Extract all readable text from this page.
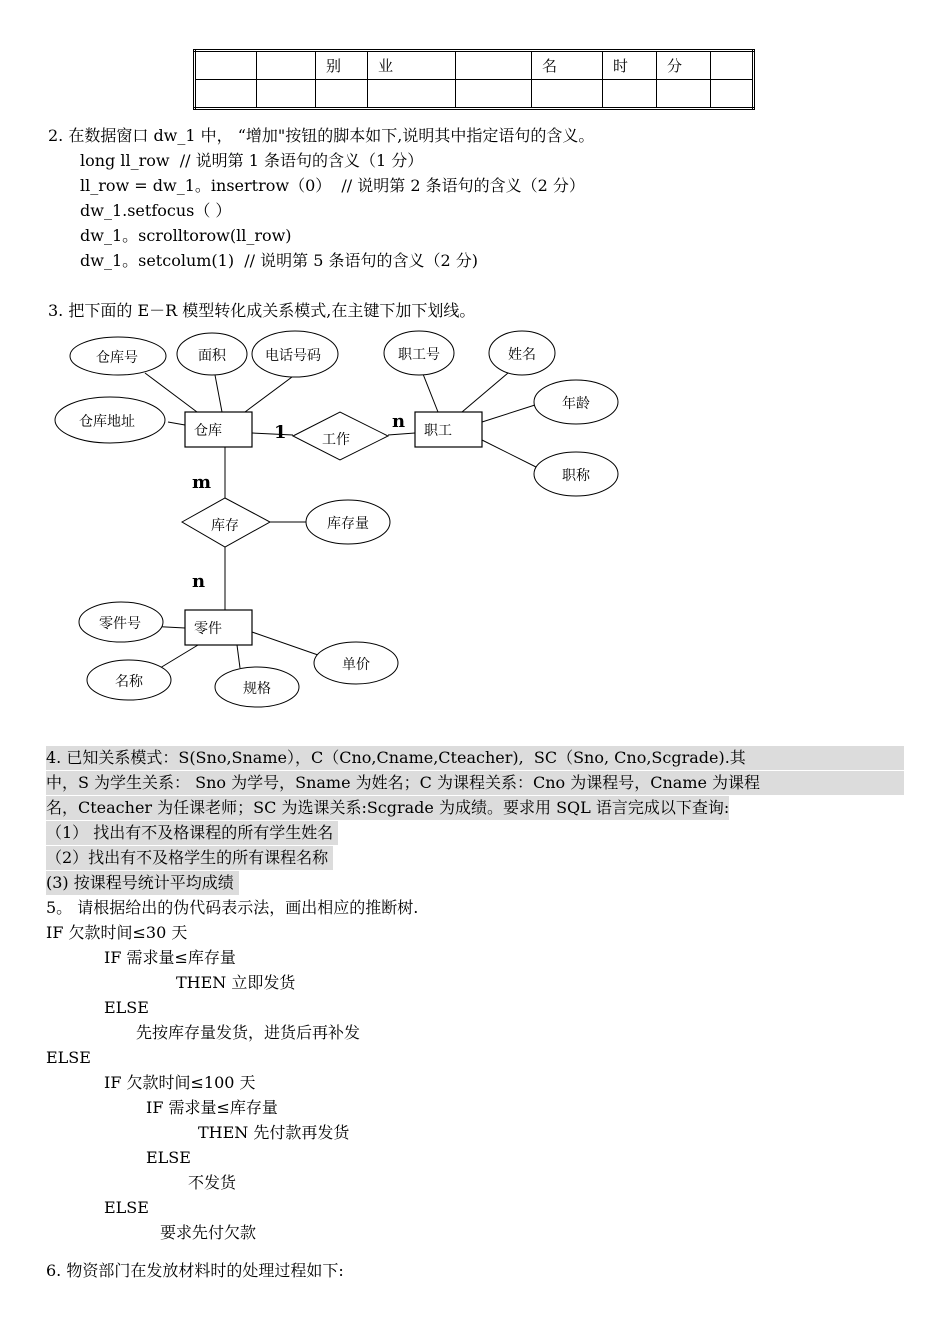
		别	业		名	时	分	

2. 在数据窗口 dw_1 中， “增加"按钮的脚本如下,说明其中指定语句的含义。
long ll_row  // 说明第 1 条语句的含义（1 分）
ll_row = dw_1。insertrow（0）  // 说明第 2 条语句的含义（2 分）
dw_1.setfocus（ ）
dw_1。scrolltorow(ll_row)
dw_1。setcolum(1)  // 说明第 5 条语句的含义（2 分)
3. 把下面的 E－R 模型转化成关系模式,在主键下加下划线。
仓库	职工
零件
工作
库存
仓库号	面积	电话号码
仓库地址
职工号	姓名
年龄
职称
库存量
零件号
名称	规格
单价
1
n
m
n
4. 已知关系模式：S(Sno,Sname），C（Cno,Cname,Cteacher),  SC（Sno, Cno,Scgrade).其
中，S 为学生关系： Sno 为学号，Sname 为姓名；C 为课程关系：Cno 为课程号，Cname 为课程
名，Cteacher 为任课老师；SC 为选课关系:Scgrade 为成绩。要求用 SQL 语言完成以下查询:
（1） 找出有不及格课程的所有学生姓名
（2）找出有不及格学生的所有课程名称
(3) 按课程号统计平均成绩
5。 请根据给出的伪代码表示法，画出相应的推断树.
IF 欠款时间≤30 天
IF 需求量≤库存量
THEN 立即发货
ELSE
先按库存量发货，进货后再补发
ELSE
IF 欠款时间≤100 天
IF 需求量≤库存量
THEN 先付款再发货
ELSE
不发货
ELSE
要求先付欠款
6. 物资部门在发放材料时的处理过程如下:
